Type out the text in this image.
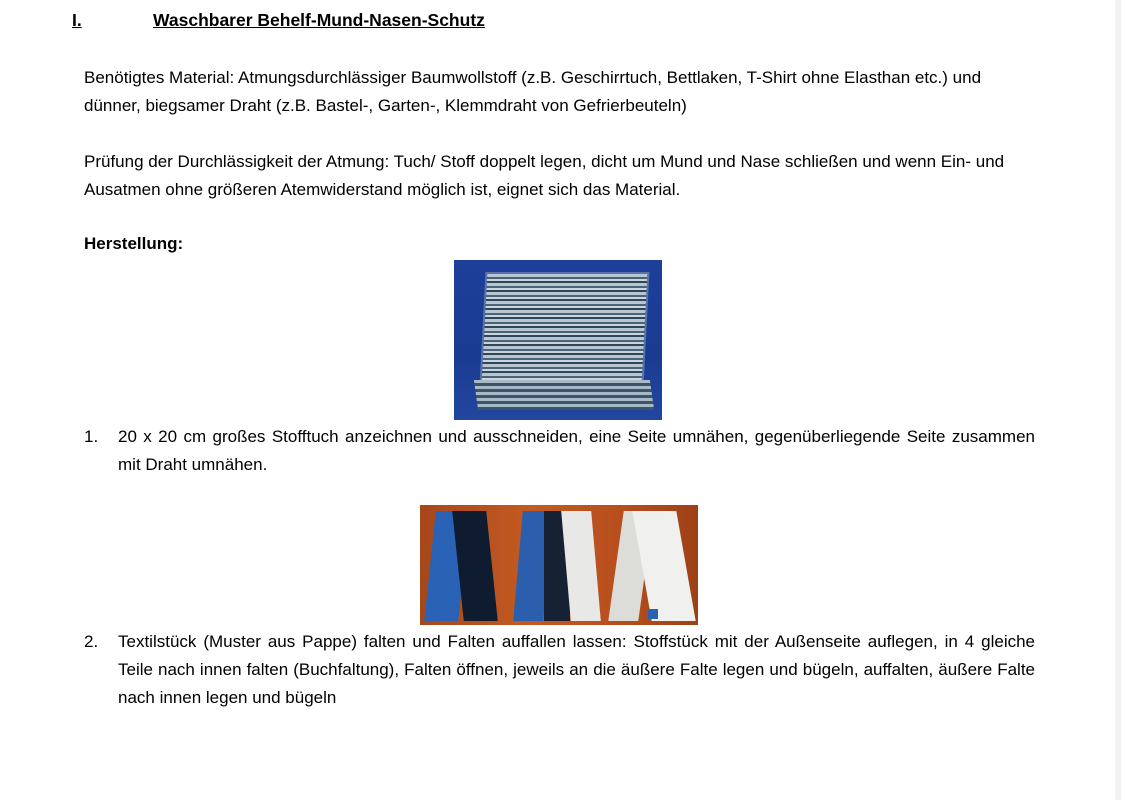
I.	Waschbarer Behelf-Mund-Nasen-Schutz

Benötigtes Material: Atmungsdurchlässiger Baumwollstoff (z.B. Geschirrtuch, Bettlaken, T-Shirt ohne Elasthan etc.) und dünner, biegsamer Draht (z.B. Bastel-, Garten-, Klemmdraht von Gefrierbeuteln)

Prüfung der Durchlässigkeit der Atmung: Tuch/ Stoff doppelt legen, dicht um Mund und Nase schließen und wenn Ein- und Ausatmen ohne größeren Atemwiderstand möglich ist, eignet sich das Material.

Herstellung:

1. 20 x 20 cm großes Stofftuch anzeichnen und ausschneiden, eine Seite umnähen, gegenüberliegende Seite zusammen mit Draht umnähen.
2. Textilstück (Muster aus Pappe) falten und Falten auffallen lassen: Stoffstück mit der Außenseite auflegen, in 4 gleiche Teile nach innen falten (Buchfaltung), Falten öffnen, jeweils an die äußere Falte legen und bügeln, auffalten, äußere Falte nach innen legen und bügeln
